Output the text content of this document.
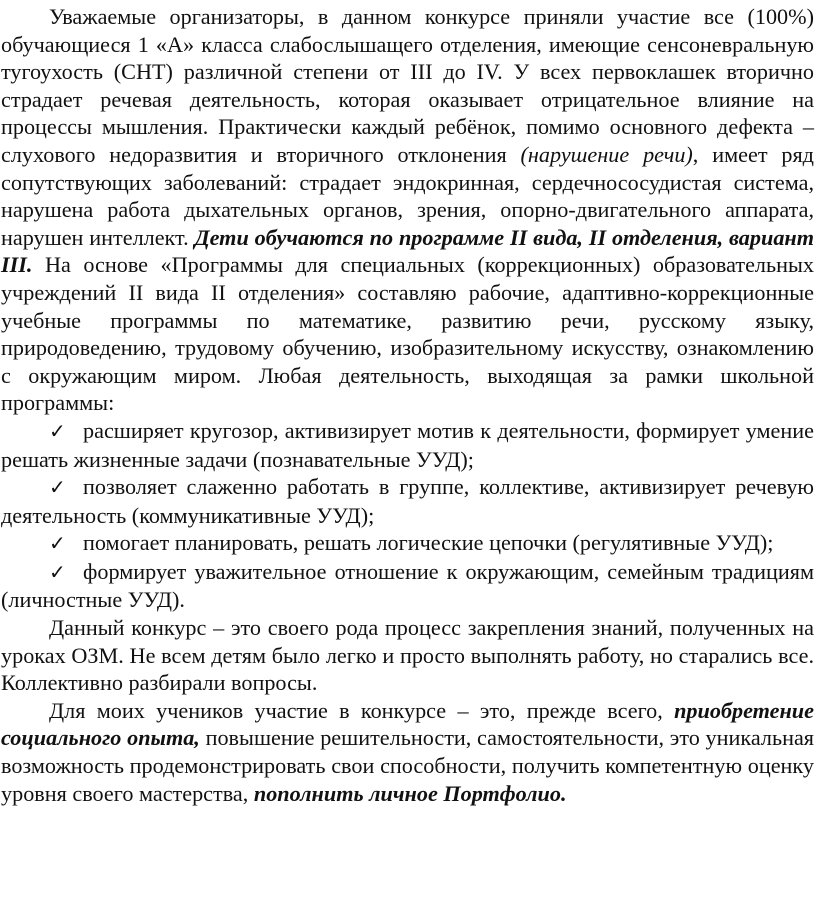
Уважаемые организаторы, в данном конкурсе приняли участие все (100%) обучающиеся 1 «А» класса слабослышащего отделения, имеющие сенсоневральную тугоухость (СНТ) различной степени от III до IV. У всех первоклашек вторично страдает речевая деятельность, которая оказывает отрицательное влияние на процессы мышления. Практически каждый ребёнок, помимо основного дефекта – слухового недоразвития и вторичного отклонения (нарушение речи), имеет ряд сопутствующих заболеваний: страдает эндокринная, сердечнососудистая система, нарушена работа дыхательных органов, зрения, опорно-двигательного аппарата, нарушен интеллект. Дети обучаются по программе II вида, II отделения, вариант III. На основе «Программы для специальных (коррекционных) образовательных учреждений II вида II отделения» составляю рабочие, адаптивно-коррекционные учебные программы по математике, развитию речи, русскому языку, природоведению, трудовому обучению, изобразительному искусству, ознакомлению с окружающим миром. Любая деятельность, выходящая за рамки школьной программы:

✓ расширяет кругозор, активизирует мотив к деятельности, формирует умение решать жизненные задачи (познавательные УУД);

✓ позволяет слаженно работать в группе, коллективе, активизирует речевую деятельность (коммуникативные УУД);

✓ помогает планировать, решать логические цепочки (регулятивные УУД);

✓ формирует уважительное отношение к окружающим, семейным традициям (личностные УУД).

Данный конкурс – это своего рода процесс закрепления знаний, полученных на уроках ОЗМ. Не всем детям было легко и просто выполнять работу, но старались все. Коллективно разбирали вопросы.

Для моих учеников участие в конкурсе – это, прежде всего, приобретение социального опыта, повышение решительности, самостоятельности, это уникальная возможность продемонстрировать свои способности, получить компетентную оценку уровня своего мастерства, пополнить личное Портфолио.
